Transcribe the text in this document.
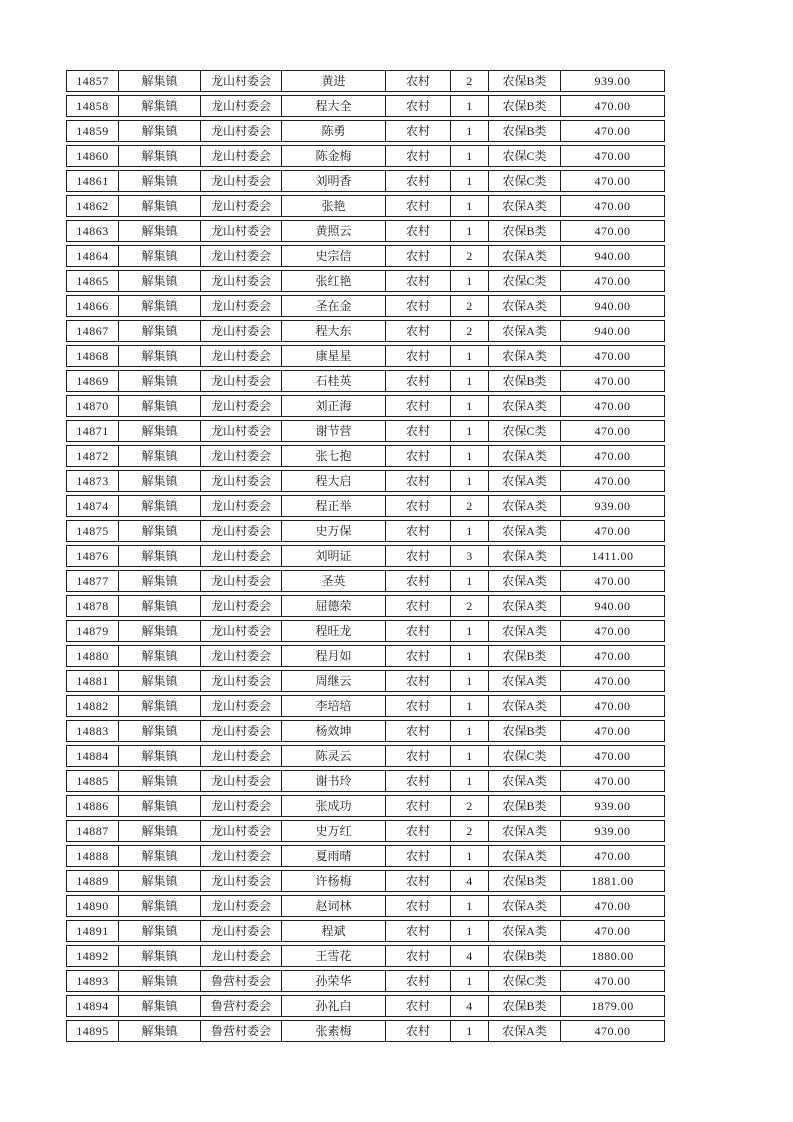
14857	解集镇	龙山村委会	黄进	农村	2	农保B类	939.00
14858	解集镇	龙山村委会	程大全	农村	1	农保B类	470.00
14859	解集镇	龙山村委会	陈勇	农村	1	农保B类	470.00
14860	解集镇	龙山村委会	陈金梅	农村	1	农保C类	470.00
14861	解集镇	龙山村委会	刘明香	农村	1	农保C类	470.00
14862	解集镇	龙山村委会	张艳	农村	1	农保A类	470.00
14863	解集镇	龙山村委会	黄照云	农村	1	农保B类	470.00
14864	解集镇	龙山村委会	史宗信	农村	2	农保A类	940.00
14865	解集镇	龙山村委会	张红艳	农村	1	农保C类	470.00
14866	解集镇	龙山村委会	圣在金	农村	2	农保A类	940.00
14867	解集镇	龙山村委会	程大东	农村	2	农保A类	940.00
14868	解集镇	龙山村委会	康星星	农村	1	农保A类	470.00
14869	解集镇	龙山村委会	石桂英	农村	1	农保B类	470.00
14870	解集镇	龙山村委会	刘正海	农村	1	农保A类	470.00
14871	解集镇	龙山村委会	谢节营	农村	1	农保C类	470.00
14872	解集镇	龙山村委会	张七抱	农村	1	农保A类	470.00
14873	解集镇	龙山村委会	程大启	农村	1	农保A类	470.00
14874	解集镇	龙山村委会	程正举	农村	2	农保A类	939.00
14875	解集镇	龙山村委会	史万保	农村	1	农保A类	470.00
14876	解集镇	龙山村委会	刘明证	农村	3	农保A类	1411.00
14877	解集镇	龙山村委会	圣英	农村	1	农保A类	470.00
14878	解集镇	龙山村委会	屈德荣	农村	2	农保A类	940.00
14879	解集镇	龙山村委会	程旺龙	农村	1	农保A类	470.00
14880	解集镇	龙山村委会	程月如	农村	1	农保B类	470.00
14881	解集镇	龙山村委会	周继云	农村	1	农保A类	470.00
14882	解集镇	龙山村委会	李培培	农村	1	农保A类	470.00
14883	解集镇	龙山村委会	杨效坤	农村	1	农保B类	470.00
14884	解集镇	龙山村委会	陈灵云	农村	1	农保C类	470.00
14885	解集镇	龙山村委会	谢书玲	农村	1	农保A类	470.00
14886	解集镇	龙山村委会	张成功	农村	2	农保B类	939.00
14887	解集镇	龙山村委会	史万红	农村	2	农保A类	939.00
14888	解集镇	龙山村委会	夏雨晴	农村	1	农保A类	470.00
14889	解集镇	龙山村委会	许杨梅	农村	4	农保B类	1881.00
14890	解集镇	龙山村委会	赵词林	农村	1	农保A类	470.00
14891	解集镇	龙山村委会	程斌	农村	1	农保A类	470.00
14892	解集镇	龙山村委会	王雪花	农村	4	农保B类	1880.00
14893	解集镇	鲁营村委会	孙荣华	农村	1	农保C类	470.00
14894	解集镇	鲁营村委会	孙礼白	农村	4	农保B类	1879.00
14895	解集镇	鲁营村委会	张素梅	农村	1	农保A类	470.00
